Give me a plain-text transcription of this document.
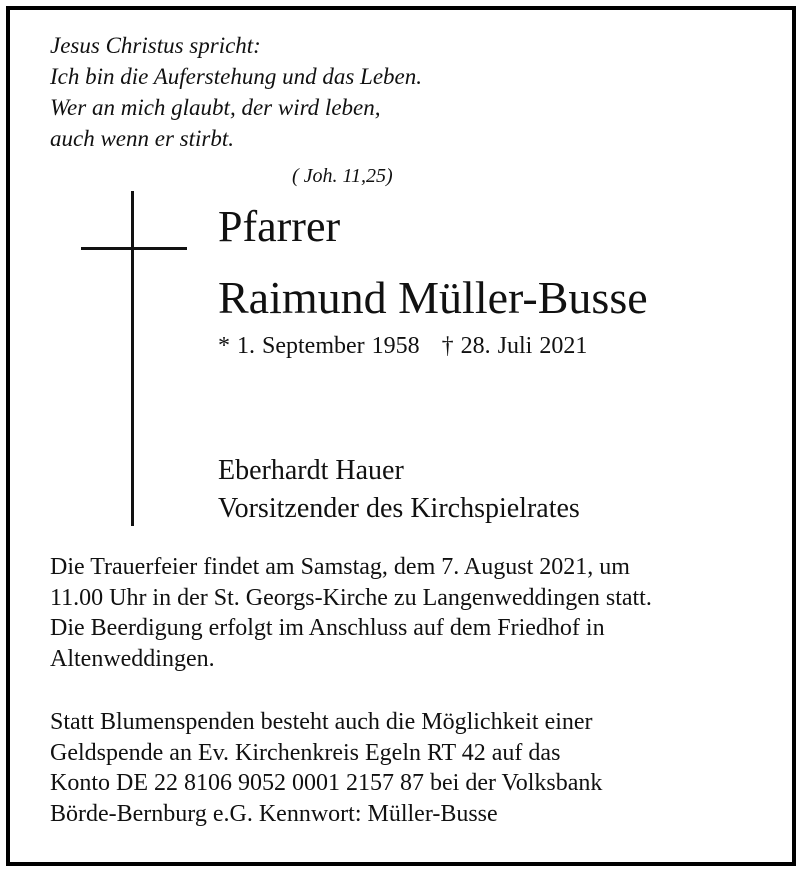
Jesus Christus spricht:
Ich bin die Auferstehung und das Leben.
Wer an mich glaubt, der wird leben,
auch wenn er stirbt.
( Joh. 11,25)
Pfarrer
Raimund Müller-Busse
* 1. September 1958 † 28. Juli 2021
Eberhardt Hauer
Vorsitzender des Kirchspielrates
Die Trauerfeier findet am Samstag, dem 7. August 2021, um
11.00 Uhr in der St. Georgs-Kirche zu Langenweddingen statt.
Die Beerdigung erfolgt im Anschluss auf dem Friedhof in
Altenweddingen.
Statt Blumenspenden besteht auch die Möglichkeit einer
Geldspende an Ev. Kirchenkreis Egeln RT 42 auf das
Konto DE 22 8106 9052 0001 2157 87 bei der Volksbank
Börde-Bernburg e.G. Kennwort: Müller-Busse
